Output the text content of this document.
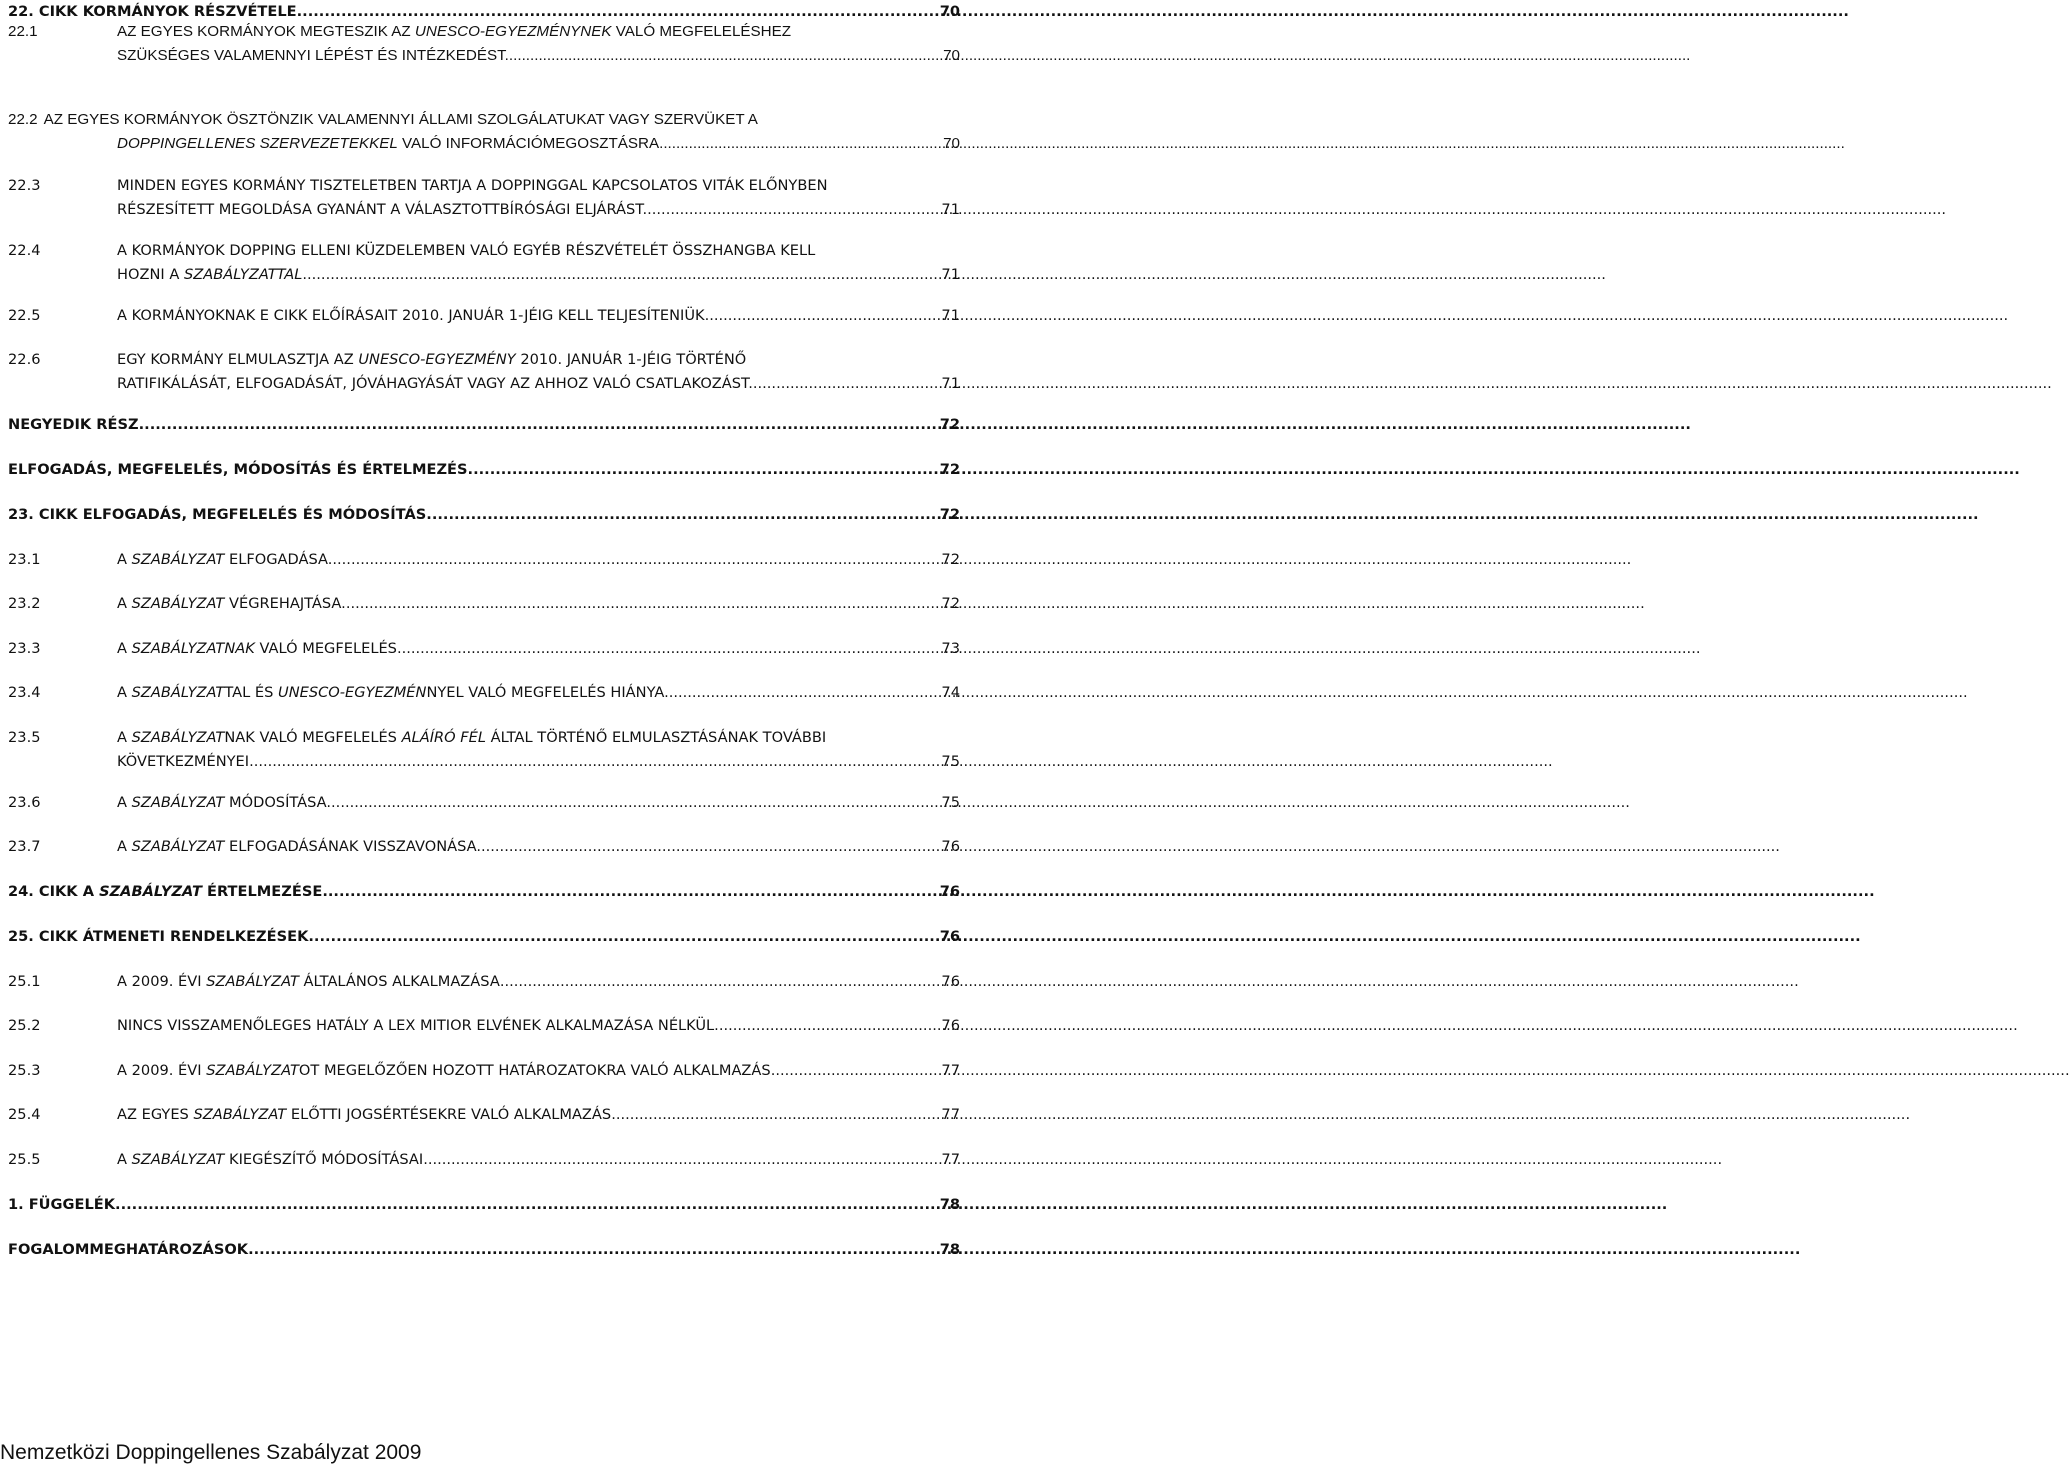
22. CIKK KORMÁNYOK RÉSZVÉTELE .....	70
22.1	AZ EGYES KORMÁNYOK MEGTESZIK AZ UNESCO-EGYEZMÉNYNEK VALÓ MEGFELELÉSHEZ
SZÜKSÉGES VALAMENNYI LÉPÉST ÉS INTÉZKEDÉST. .....	70
22.2 AZ EGYES KORMÁNYOK ÖSZTÖNZIK VALAMENNYI ÁLLAMI SZOLGÁLATUKAT VAGY SZERVÜKET A
DOPPINGELLENES SZERVEZETEKKEL VALÓ INFORMÁCIÓMEGOSZTÁSRA. .....	70
22.3	MINDEN EGYES KORMÁNY TISZTELETBEN TARTJA A DOPPINGGAL KAPCSOLATOS VITÁK ELŐNYBEN
RÉSZESÍTETT MEGOLDÁSA GYANÁNT A VÁLASZTOTTBÍRÓSÁGI ELJÁRÁST. .....	71
22.4	A KORMÁNYOK DOPPING ELLENI KÜZDELEMBEN VALÓ EGYÉB RÉSZVÉTELÉT ÖSSZHANGBA KELL
HOZNI A SZABÁLYZATTAL. .....	71
22.5	A KORMÁNYOKNAK E CIKK ELŐÍRÁSAIT 2010. JANUÁR 1-JÉIG KELL TELJESÍTENIÜK. .....	71
22.6	EGY KORMÁNY ELMULASZTJA AZ UNESCO-EGYEZMÉNY 2010. JANUÁR 1-JÉIG TÖRTÉNŐ
RATIFIKÁLÁSÁT, ELFOGADÁSÁT, JÓVÁHAGYÁSÁT VAGY AZ AHHOZ VALÓ CSATLAKOZÁST. .....	71
NEGYEDIK RÉSZ .....	72
ELFOGADÁS, MEGFELELÉS, MÓDOSÍTÁS ÉS ÉRTELMEZÉS .....	72
23. CIKK ELFOGADÁS, MEGFELELÉS ÉS MÓDOSÍTÁS .....	72
23.1	A SZABÁLYZAT ELFOGADÁSA. .....	72
23.2	A SZABÁLYZAT VÉGREHAJTÁSA. .....	72
23.3	A SZABÁLYZATNAK VALÓ MEGFELELÉS. .....	73
23.4	A SZABÁLYZATTAL ÉS UNESCO-EGYEZMÉNNYEL VALÓ MEGFELELÉS HIÁNYA. .....	74
23.5	A SZABÁLYZATNAK VALÓ MEGFELELÉS ALÁÍRÓ FÉL ÁLTAL TÖRTÉNŐ ELMULASZTÁSÁNAK TOVÁBBI
KÖVETKEZMÉNYEI. .....	75
23.6	A SZABÁLYZAT MÓDOSÍTÁSA. .....	75
23.7	A SZABÁLYZAT ELFOGADÁSÁNAK VISSZAVONÁSA. .....	76
24. CIKK A SZABÁLYZAT ÉRTELMEZÉSE .....	76
25. CIKK ÁTMENETI RENDELKEZÉSEK .....	76
25.1	A 2009. ÉVI SZABÁLYZAT ÁLTALÁNOS ALKALMAZÁSA .....	76
25.2	NINCS VISSZAMENŐLEGES HATÁLY A LEX MITIOR ELVÉNEK ALKALMAZÁSA NÉLKÜL. .....	76
25.3	A 2009. ÉVI SZABÁLYZATOT MEGELŐZŐEN HOZOTT HATÁROZATOKRA VALÓ ALKALMAZÁS .....	77
25.4	AZ EGYES SZABÁLYZAT ELŐTTI JOGSÉRTÉSEKRE VALÓ ALKALMAZÁS .....	77
25.5	A SZABÁLYZAT KIEGÉSZÍTŐ MÓDOSÍTÁSAI .....	77
1. FÜGGELÉK .....	78
FOGALOMMEGHATÁROZÁSOK .....	78
Nemzetközi Doppingellenes Szabályzat 2009
